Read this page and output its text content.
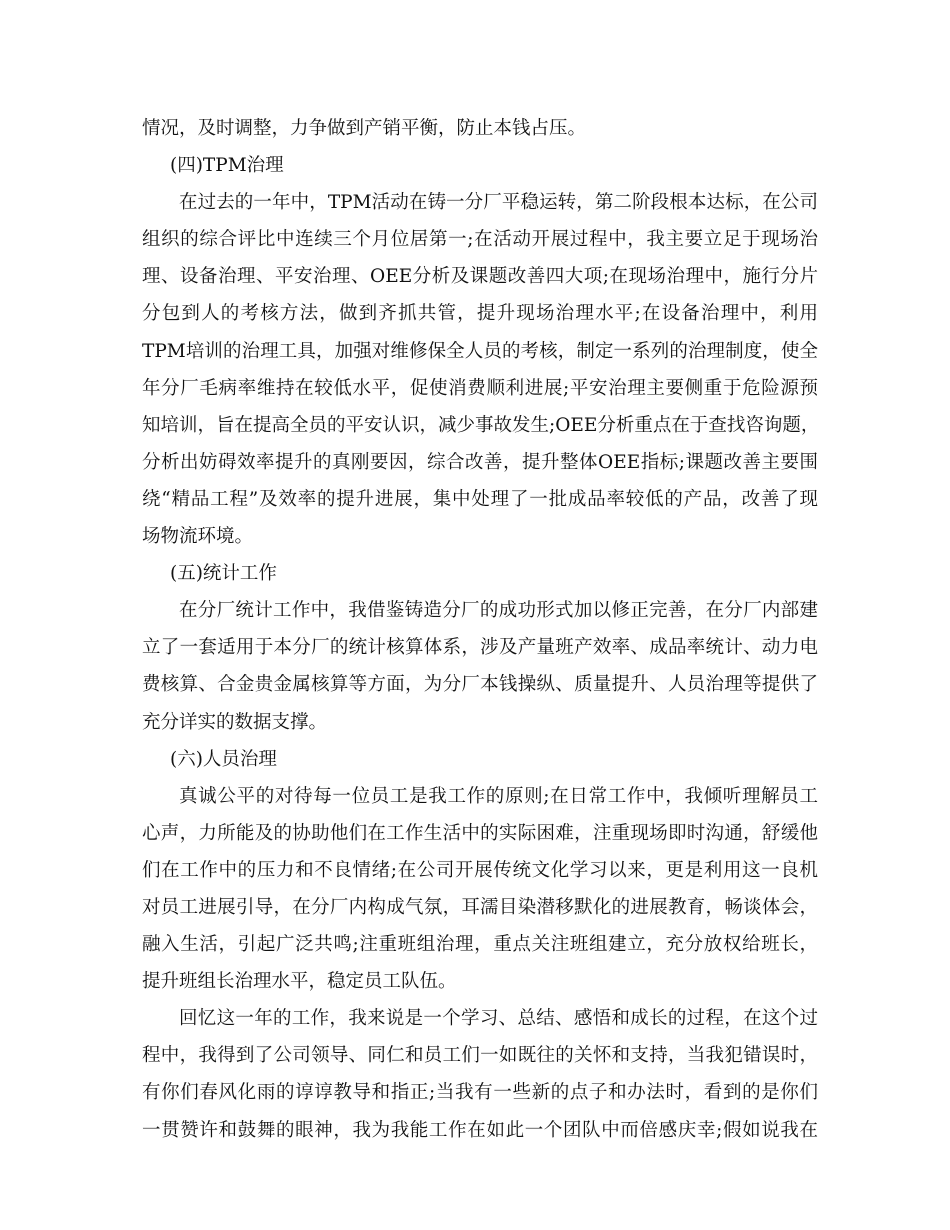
情况，及时调整，力争做到产销平衡，防止本钱占压。
(四)TPM治理
在过去的一年中，TPM活动在铸一分厂平稳运转，第二阶段根本达标，在公司
组织的综合评比中连续三个月位居第一;在活动开展过程中，我主要立足于现场治
理、设备治理、平安治理、OEE分析及课题改善四大项;在现场治理中，施行分片
分包到人的考核方法，做到齐抓共管，提升现场治理水平;在设备治理中，利用
TPM培训的治理工具，加强对维修保全人员的考核，制定一系列的治理制度，使全
年分厂毛病率维持在较低水平，促使消费顺利进展;平安治理主要侧重于危险源预
知培训，旨在提高全员的平安认识，减少事故发生;OEE分析重点在于查找咨询题，
分析出妨碍效率提升的真刚要因，综合改善，提升整体OEE指标;课题改善主要围
绕“精品工程”及效率的提升进展，集中处理了一批成品率较低的产品，改善了现
场物流环境。
(五)统计工作
在分厂统计工作中，我借鉴铸造分厂的成功形式加以修正完善，在分厂内部建
立了一套适用于本分厂的统计核算体系，涉及产量班产效率、成品率统计、动力电
费核算、合金贵金属核算等方面，为分厂本钱操纵、质量提升、人员治理等提供了
充分详实的数据支撑。
(六)人员治理
真诚公平的对待每一位员工是我工作的原则;在日常工作中，我倾听理解员工
心声，力所能及的协助他们在工作生活中的实际困难，注重现场即时沟通，舒缓他
们在工作中的压力和不良情绪;在公司开展传统文化学习以来，更是利用这一良机
对员工进展引导，在分厂内构成气氛，耳濡目染潜移默化的进展教育，畅谈体会，
融入生活，引起广泛共鸣;注重班组治理，重点关注班组建立，充分放权给班长，
提升班组长治理水平，稳定员工队伍。
回忆这一年的工作，我来说是一个学习、总结、感悟和成长的过程，在这个过
程中，我得到了公司领导、同仁和员工们一如既往的关怀和支持，当我犯错误时，
有你们春风化雨的谆谆教导和指正;当我有一些新的点子和办法时，看到的是你们
一贯赞许和鼓舞的眼神，我为我能工作在如此一个团队中而倍感庆幸;假如说我在
